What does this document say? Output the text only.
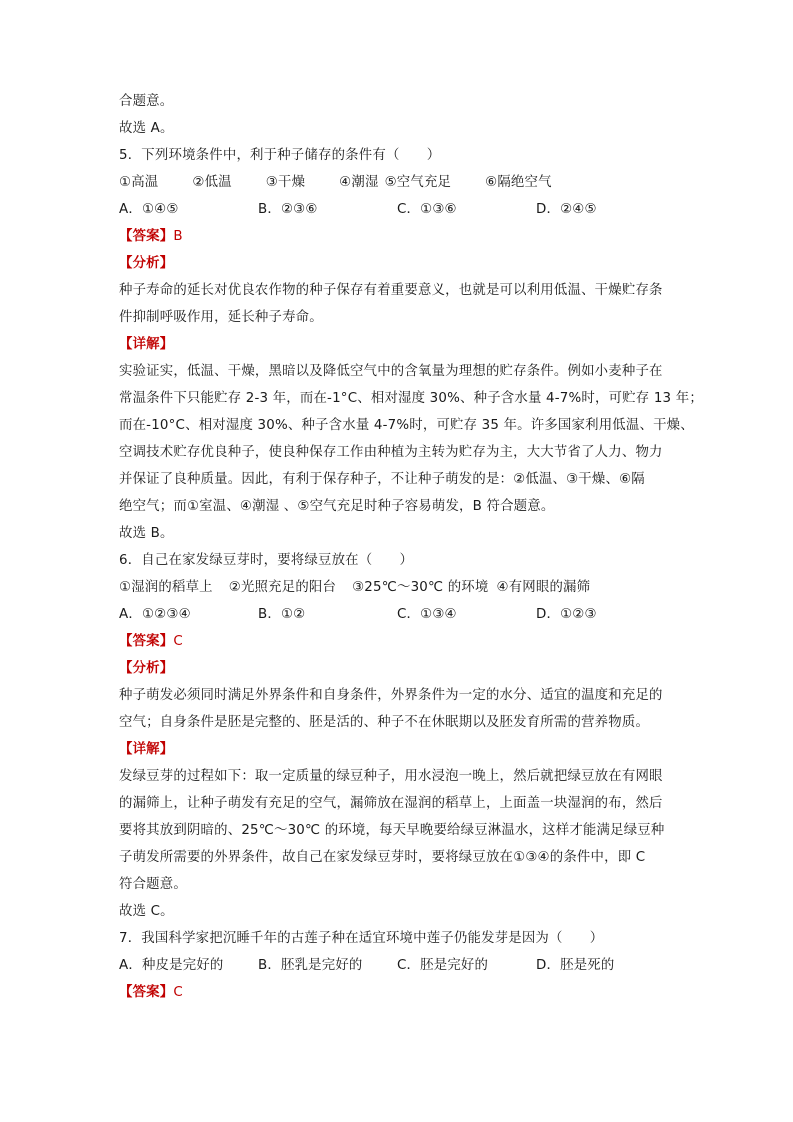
合题意。
故选 A。
5．下列环境条件中，利于种子储存的条件有（　　）
①高温	②低温	③干燥	④潮湿 ⑤空气充足	⑥隔绝空气
A．①④⑤	B．②③⑥	C．①③⑥	D．②④⑤
【答案】B
【分析】
种子寿命的延长对优良农作物的种子保存有着重要意义，也就是可以利用低温、干燥贮存条
件抑制呼吸作用，延长种子寿命。
【详解】
实验证实，低温、干燥，黑暗以及降低空气中的含氧量为理想的贮存条件。例如小麦种子在
常温条件下只能贮存 2-3 年，而在-1°C、相对湿度 30%、种子含水量 4-7%时，可贮存 13 年；
而在-10°C、相对湿度 30%、种子含水量 4-7%时，可贮存 35 年。许多国家利用低温、干燥、
空调技术贮存优良种子，使良种保存工作由种植为主转为贮存为主，大大节省了人力、物力
并保证了良种质量。因此，有利于保存种子，不让种子萌发的是：②低温、③干燥、⑥隔
绝空气；而①室温、④潮湿 、⑤空气充足时种子容易萌发，B 符合题意。
故选 B。
6．自己在家发绿豆芽时，要将绿豆放在（　　）
①湿润的稻草上 ②光照充足的阳台 ③25℃～30℃ 的环境 ④有网眼的漏筛
A．①②③④	B．①②	C．①③④	D．①②③
【答案】C
【分析】
种子萌发必须同时满足外界条件和自身条件，外界条件为一定的水分、适宜的温度和充足的
空气；自身条件是胚是完整的、胚是活的、种子不在休眠期以及胚发育所需的营养物质。
【详解】
发绿豆芽的过程如下：取一定质量的绿豆种子，用水浸泡一晚上，然后就把绿豆放在有网眼
的漏筛上，让种子萌发有充足的空气，漏筛放在湿润的稻草上，上面盖一块湿润的布，然后
要将其放到阴暗的、25℃～30℃ 的环境，每天早晚要给绿豆淋温水，这样才能满足绿豆种
子萌发所需要的外界条件，故自己在家发绿豆芽时，要将绿豆放在①③④的条件中，即 C
符合题意。
故选 C。
7．我国科学家把沉睡千年的古莲子种在适宜环境中莲子仍能发芽是因为（　　）
A．种皮是完好的	B．胚乳是完好的	C．胚是完好的	D．胚是死的
【答案】C
